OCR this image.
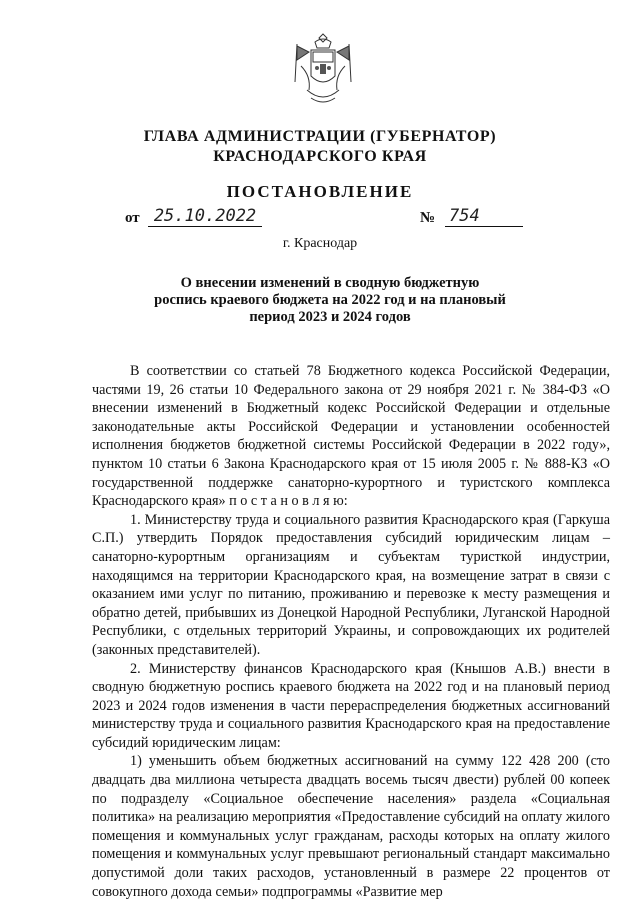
ГЛАВА АДМИНИСТРАЦИИ (ГУБЕРНАТОР)
КРАСНОДАРСКОГО КРАЯ
ПОСТАНОВЛЕНИЕ
от 25.10.2022	№ 754
г. Краснодар
О внесении изменений в сводную бюджетную
роспись краевого бюджета на 2022 год и на плановый
период 2023 и 2024 годов

В соответствии со статьей 78 Бюджетного кодекса Российской Федерации, частями 19, 26 статьи 10 Федерального закона от 29 ноября 2021 г. № 384-ФЗ «О внесении изменений в Бюджетный кодекс Российской Федерации и отдельные законодательные акты Российской Федерации и установлении особенностей исполнения бюджетов бюджетной системы Российской Федерации в 2022 году», пунктом 10 статьи 6 Закона Краснодарского края от 15 июля 2005 г. № 888-КЗ «О государственной поддержке санаторно-курортного и туристского комплекса Краснодарского края» п о с т а н о в л я ю:

1. Министерству труда и социального развития Краснодарского края (Гаркуша С.П.) утвердить Порядок предоставления субсидий юридическим лицам – санаторно-курортным организациям и субъектам туристкой индустрии, находящимся на территории Краснодарского края, на возмещение затрат в связи с оказанием ими услуг по питанию, проживанию и перевозке к месту размещения и обратно детей, прибывших из Донецкой Народной Республики, Луганской Народной Республики, с отдельных территорий Украины, и сопровождающих их родителей (законных представителей).

2. Министерству финансов Краснодарского края (Кнышов А.В.) внести в сводную бюджетную роспись краевого бюджета на 2022 год и на плановый период 2023 и 2024 годов изменения в части перераспределения бюджетных ассигнований министерству труда и социального развития Краснодарского края на предоставление субсидий юридическим лицам:

1) уменьшить объем бюджетных ассигнований на сумму 122 428 200 (сто двадцать два миллиона четыреста двадцать восемь тысяч двести) рублей 00 копеек по подразделу «Социальное обеспечение населения» раздела «Социальная политика» на реализацию мероприятия «Предоставление субсидий на оплату жилого помещения и коммунальных услуг гражданам, расходы которых на оплату жилого помещения и коммунальных услуг превышают региональный стандарт максимально допустимой доли таких расходов, установленный в размере 22 процентов от совокупного дохода семьи» подпрограммы «Развитие мер
